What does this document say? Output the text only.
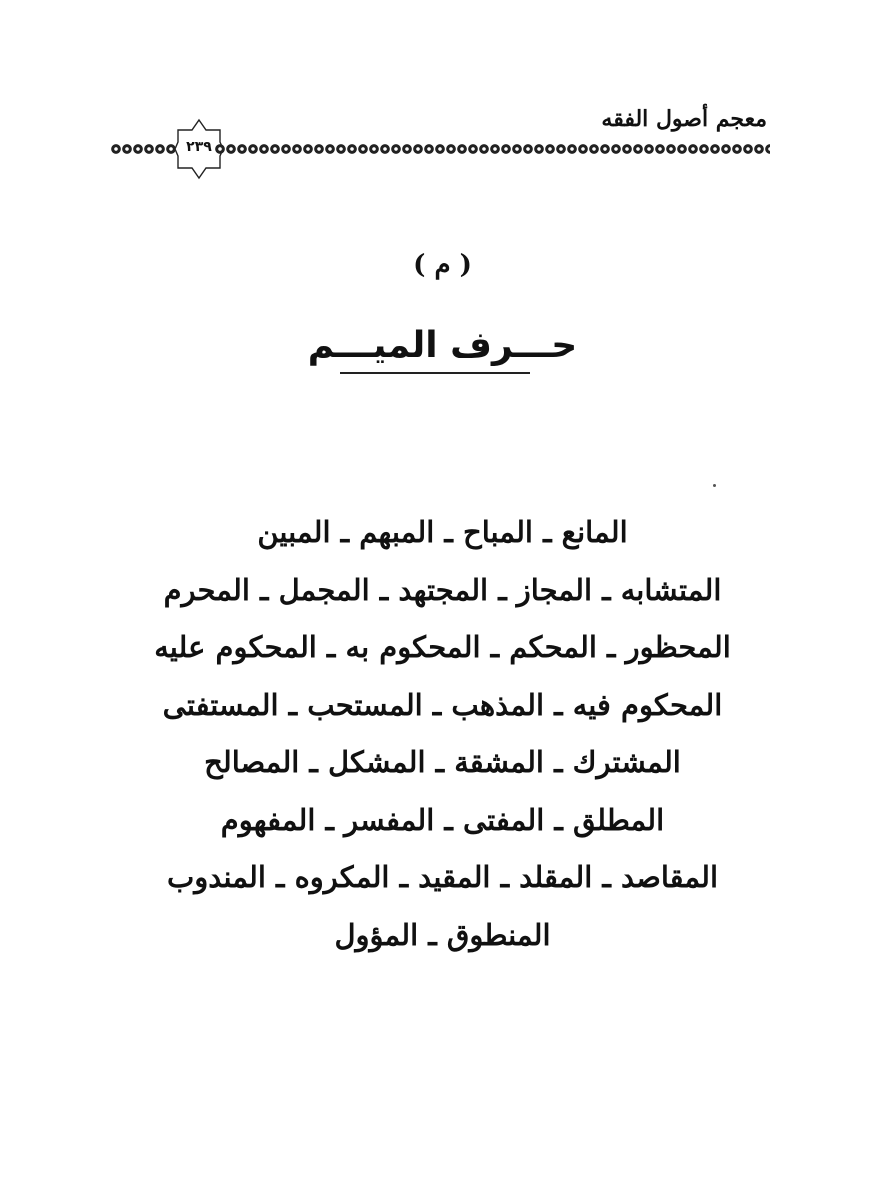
معجم أصول الفقه
٢٣٩
( م )
حـــرف الميـــم
المانع ـ المباح ـ المبهم ـ المبين
المتشابه ـ المجاز ـ المجتهد ـ المجمل ـ المحرم
المحظور ـ المحكم ـ المحكوم به ـ المحكوم عليه
المحكوم فيه ـ المذهب ـ المستحب ـ المستفتى
المشترك ـ المشقة ـ المشكل ـ المصالح
المطلق ـ المفتى ـ المفسر ـ المفهوم
المقاصد ـ المقلد ـ المقيد ـ المكروه ـ المندوب
المنطوق ـ المؤول
